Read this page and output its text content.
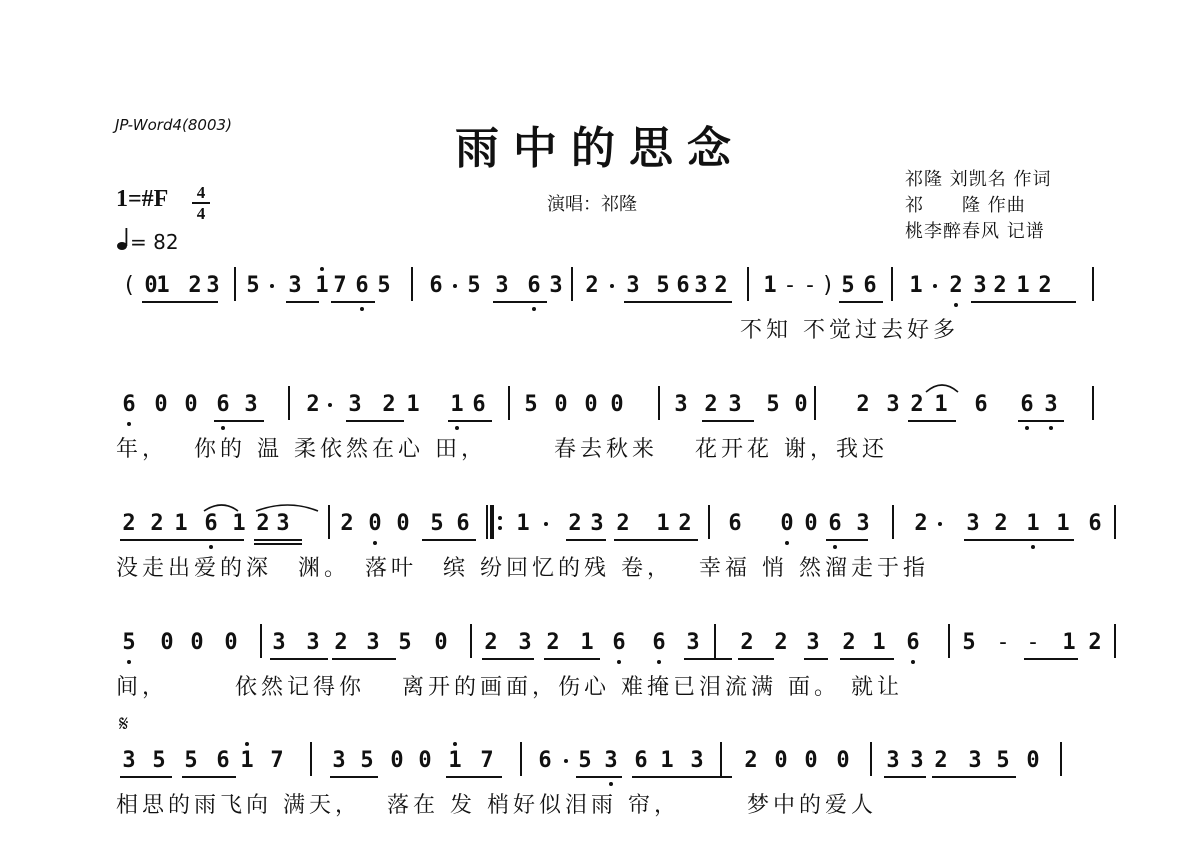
JP-Word4(8003)	雨中的思念
演唱：祁隆
祁隆 刘凯名 作词
祁　　隆 作曲
桃李醉春风 记谱
1=#F 4
4
= 82
𝄋
( 0
1 2 3 5 3 1 7 6 5 6 5 3 6 3 2 3 5 6 3 2 1 - - ) 5 6 1 2 3 2 1 2
　　　　　　　　　　　　　　　　　　　　　　　　不知 不觉过去好多
6 0 0 6 3 2 3 2 1 1 6 5 0 0 0 3 2 3 5 0 2 3 2 1 6 6 3
年，　 你的 温 柔依然在心 田，　　　春去秋来　 花开花 谢，我还
2 2 1 6 1 2 3 2 0 0 5 6 1 2 3 2 1 2 6 0 0 6 3 2 3 2 1 1 6
没走出爱的深　渊。　落叶　缤 纷回忆的残 卷，　 幸福 悄 然溜走于指
5 0 0 0 3 3 2 3 5 0 2 3 2 1 6 6 3 2 2 3 2 1 6 5 - - 1 2
间，　　　依然记得你　 离开的画面，伤心 难掩已泪流满 面。 就让
3 5 5 6 1 7 3 5 0 0 1 7 6 5 3 6 1 3 2 0 0 0 3 3 2 3 5 0
相思的雨飞向 满天，　 落在 发 梢好似泪雨 帘，　　　梦中的爱人
